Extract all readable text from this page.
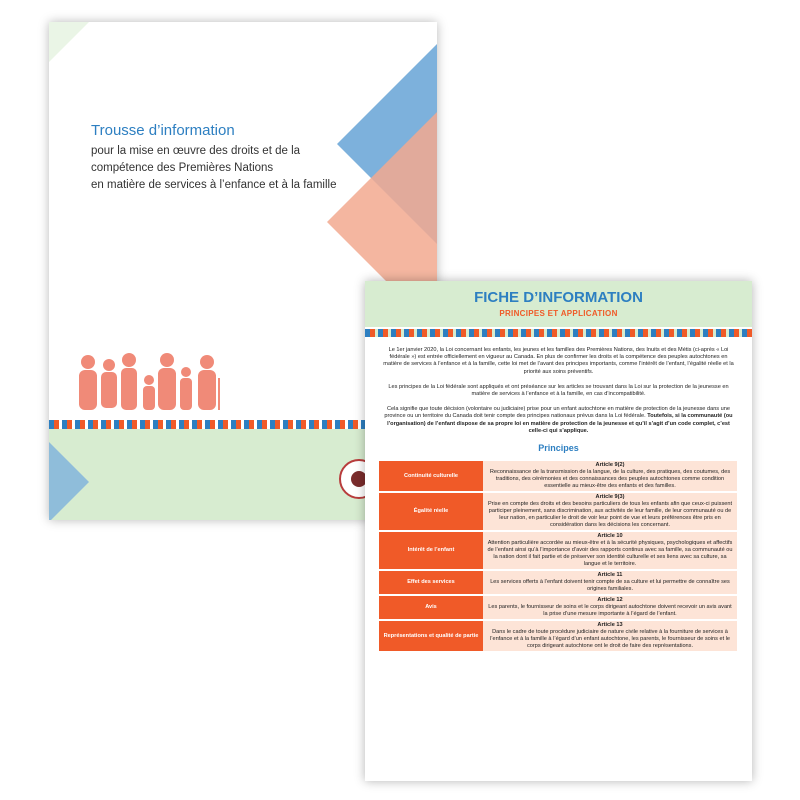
Trousse d’information

pour la mise en œuvre des droits et de la
compétence des Premières Nations
en matière de services à l’enfance et à la famille

FICHE D’INFORMATION
PRINCIPES ET APPLICATION

Le 1er janvier 2020, la Loi concernant les enfants, les jeunes et les familles des Premières Nations, des Inuits et des Métis (ci-après « Loi fédérale ») est entrée officiellement en vigueur au Canada. En plus de confirmer les droits et la compétence des peuples autochtones en matière de services à l’enfance et à la famille, cette loi met de l’avant des principes importants, comme l’intérêt de l’enfant, l’égalité réelle et la priorité aux soins préventifs.

Les principes de la Loi fédérale sont appliqués et ont préséance sur les articles se trouvant dans la Loi sur la protection de la jeunesse en matière de services à l’enfance et à la famille, en cas d’incompatibilité.

Cela signifie que toute décision (volontaire ou judiciaire) prise pour un enfant autochtone en matière de protection de la jeunesse dans une province ou un territoire du Canada doit tenir compte des principes nationaux prévus dans la Loi fédérale. Toutefois, si la communauté (ou l’organisation) de l’enfant dispose de sa propre loi en matière de protection de la jeunesse et qu’il s’agit d’un code complet, c’est celle-ci qui s’applique.

Principes
Continuité culturelle	Article 9(2)
Reconnaissance de la transmission de la langue, de la culture, des pratiques, des coutumes, des traditions, des cérémonies et des connaissances des peuples autochtones comme condition essentielle au mieux-être des enfants et des familles.
Égalité réelle	Article 9(3)
Prise en compte des droits et des besoins particuliers de tous les enfants afin que ceux-ci puissent participer pleinement, sans discrimination, aux activités de leur famille, de leur communauté ou de leur nation, en particulier le droit de voir leur point de vue et leurs préférences être pris en considération dans les décisions les concernant.
Intérêt de l’enfant	Article 10
Attention particulière accordée au mieux-être et à la sécurité physiques, psychologiques et affectifs de l’enfant ainsi qu’à l’importance d’avoir des rapports continus avec sa famille, sa communauté ou la nation dont il fait partie et de préserver son identité culturelle et ses liens avec sa culture, sa langue et le territoire.
Effet des services	Article 11
Les services offerts à l’enfant doivent tenir compte de sa culture et lui permettre de connaître ses origines familiales.
Avis	Article 12
Les parents, le fournisseur de soins et le corps dirigeant autochtone doivent recevoir un avis avant la prise d’une mesure importante à l’égard de l’enfant.
Représentations et qualité de partie	Article 13
Dans le cadre de toute procédure judiciaire de nature civile relative à la fourniture de services à l’enfance et à la famille à l’égard d’un enfant autochtone, les parents, le fournisseur de soins et le corps dirigeant autochtone ont le droit de faire des représentations.
